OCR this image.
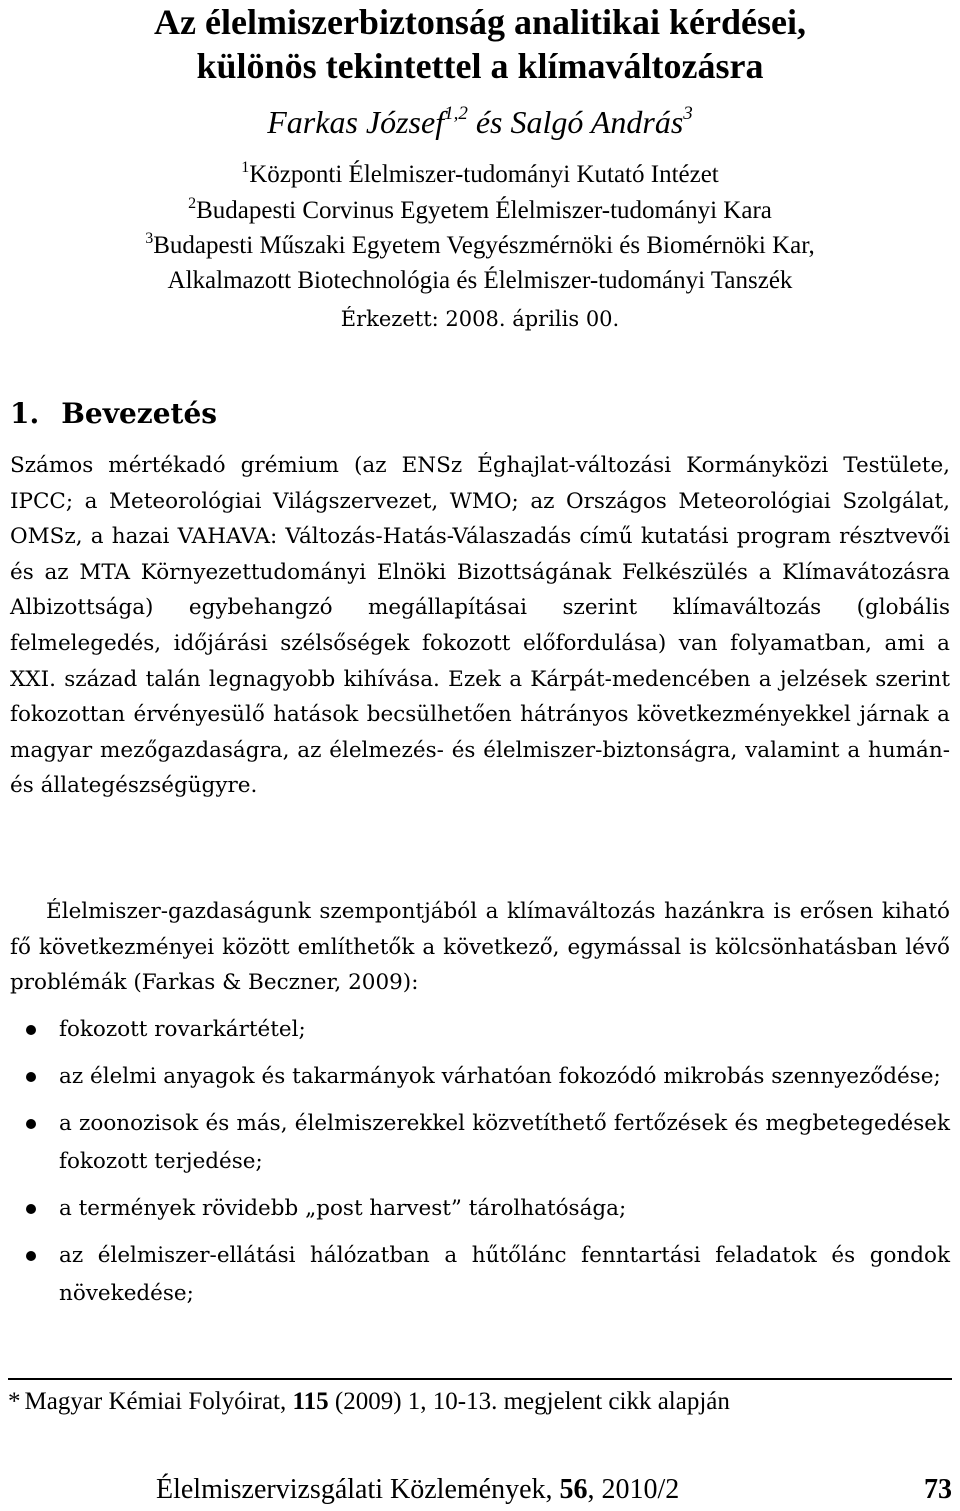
Az élelmiszerbiztonság analitikai kérdései,
különös tekintettel a klímaváltozásra
Farkas József$^{1,2}$ és Salgó András$^3$
$^1$Központi Élelmiszer-tudományi Kutató Intézet
$^2$Budapesti Corvinus Egyetem Élelmiszer-tudományi Kara
$^3$Budapesti Műszaki Egyetem Vegyészmérnöki és Biomérnöki Kar,
Alkalmazott Biotechnológia és Élelmiszer-tudományi Tanszék
Érkezett: 2008. április 00.
1. Bevezetés

Számos mértékadó grémium (az ENSz Éghajlat-változási Kormányközi Testülete, IPCC; a Meteorológiai Világszervezet, WMO; az Országos Meteorológiai Szolgálat, OMSz, a hazai VAHAVA: Változás-Hatás-Válaszadás című kutatási program résztvevői és az MTA Környezettudományi Elnöki Bizottságának Felkészülés a Klímavátozásra Albizottsága) egybehangzó megállapításai szerint klímaváltozás (globális felmelegedés, időjárási szélsőségek fokozott előfordulása) van folyamatban, ami a XXI. század talán legnagyobb kihívása. Ezek a Kárpát-medencében a jelzések szerint fokozottan érvényesülő hatások becsülhetően hátrányos következményekkel járnak a magyar mezőgazdaságra, az élelmezés- és élelmiszer-biztonságra, valamint a humán- és állategészségügyre.

Élelmiszer-gazdaságunk szempontjából a klímaváltozás hazánkra is erősen kiható fő következményei között említhetők a következő, egymással is kölcsönhatásban lévő problémák (Farkas & Beczner, 2009):

fokozott rovarkártétel;
az élelmi anyagok és takarmányok várhatóan fokozódó mikrobás szennyeződése;
a zoonozisok és más, élelmiszerekkel közvetíthető fertőzések és megbetegedések fokozott terjedése;
a termények rövidebb „post harvest” tárolhatósága;
az élelmiszer-ellátási hálózatban a hűtőlánc fenntartási feladatok és gondok növekedése;
* Magyar Kémiai Folyóirat, 115 (2009) 1, 10-13. megjelent cikk alapján
Élelmiszervizsgálati Közlemények, 56, 2010/2	73
